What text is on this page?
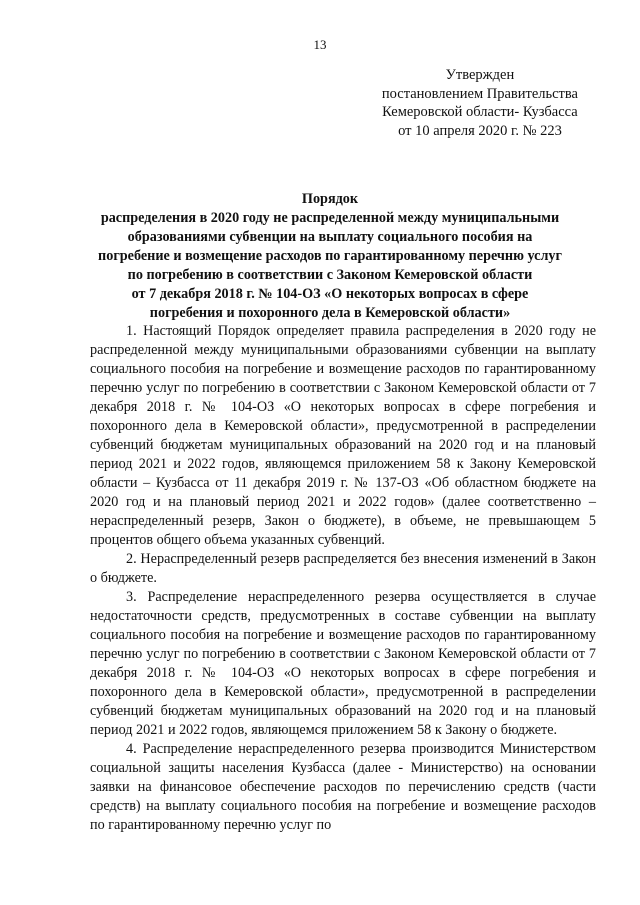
13
Утвержден
постановлением Правительства
Кемеровской области- Кузбасса
от 10 апреля 2020 г. № 223
Порядок
распределения в 2020 году не распределенной между муниципальными
образованиями субвенции на выплату социального пособия на
погребение и возмещение расходов по гарантированному перечню услуг
по погребению в соответствии с Законом Кемеровской области
от 7 декабря 2018 г. № 104-ОЗ «О некоторых вопросах в сфере
погребения и похоронного дела в Кемеровской области»

1. Настоящий Порядок определяет правила распределения в 2020 году не распределенной между муниципальными образованиями субвенции на выплату социального пособия на погребение и возмещение расходов по гарантированному перечню услуг по погребению в соответствии с Законом Кемеровской области от 7 декабря 2018 г. № 104-ОЗ «О некоторых вопросах в сфере погребения и похоронного дела в Кемеровской области», предусмотренной в распределении субвенций бюджетам муниципальных образований на 2020 год и на плановый период 2021 и 2022 годов, являющемся приложением 58 к Закону Кемеровской области – Кузбасса от 11 декабря 2019 г. № 137-ОЗ «Об областном бюджете на 2020 год и на плановый период 2021 и 2022 годов» (далее соответственно – нераспределенный резерв, Закон о бюджете), в объеме, не превышающем 5 процентов общего объема указанных субвенций.

2. Нераспределенный резерв распределяется без внесения изменений в Закон о бюджете.

3. Распределение нераспределенного резерва осуществляется в случае недостаточности средств, предусмотренных в составе субвенции на выплату социального пособия на погребение и возмещение расходов по гарантированному перечню услуг по погребению в соответствии с Законом Кемеровской области от 7 декабря 2018 г. № 104-ОЗ «О некоторых вопросах в сфере погребения и похоронного дела в Кемеровской области», предусмотренной в распределении субвенций бюджетам муниципальных образований на 2020 год и на плановый период 2021 и 2022 годов, являющемся приложением 58 к Закону о бюджете.

4. Распределение нераспределенного резерва производится Министерством социальной защиты населения Кузбасса (далее - Министерство) на основании заявки на финансовое обеспечение расходов по перечислению средств (части средств) на выплату социального пособия на погребение и возмещение расходов по гарантированному перечню услуг по
